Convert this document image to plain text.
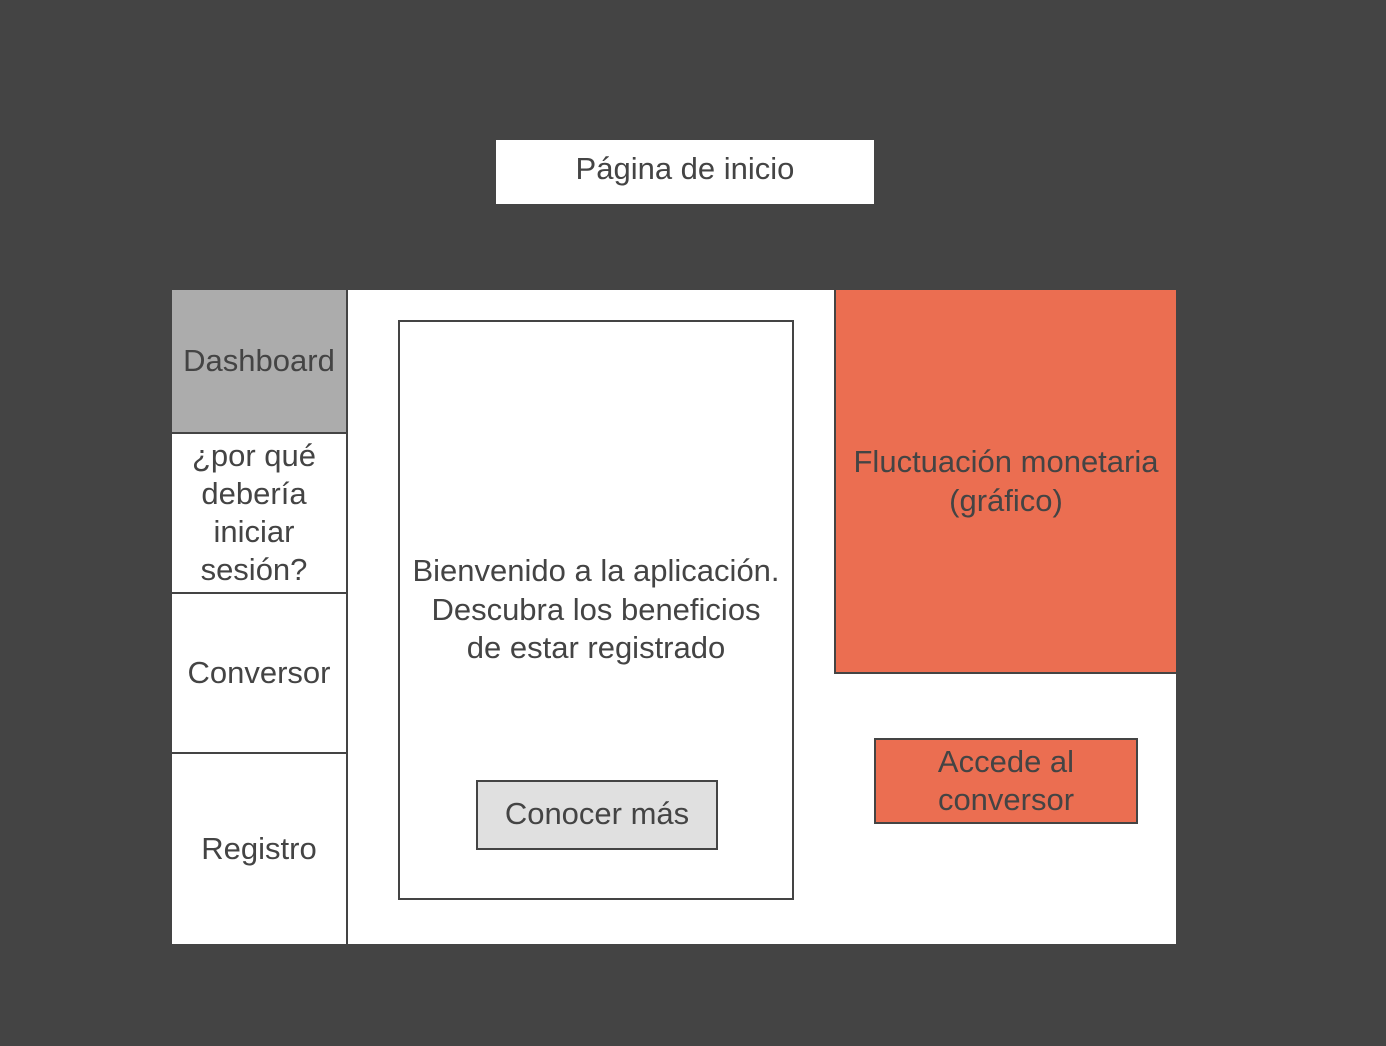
Página de inicio
Dashboard
¿por qué
debería
iniciar
sesión?
Conversor
Registro
Bienvenido a la aplicación.
Descubra los beneficios
de estar registrado
Conocer más
Fluctuación monetaria
(gráfico)
Accede al
conversor
